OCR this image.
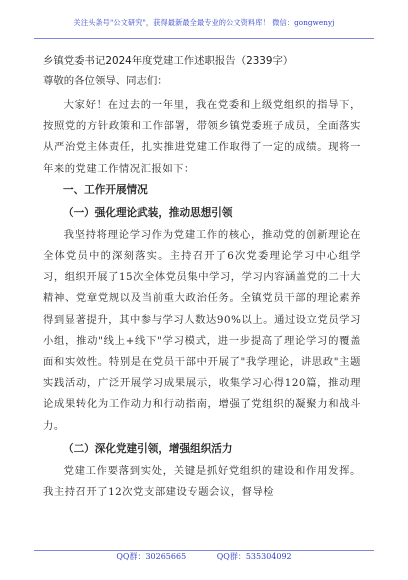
关注头条号"公文研究"，获得最新最全最专业的公文资料库！ 微信：gongwenyj
乡镇党委书记2024年度党建工作述职报告（2339字）
尊敬的各位领导、同志们：

大家好！在过去的一年里，我在党委和上级党组织的指导下，按照党的方针政策和工作部署，带领乡镇党委班子成员，全面落实从严治党主体责任，扎实推进党建工作取得了一定的成绩。现将一年来的党建工作情况汇报如下：

一、工作开展情况
（一）强化理论武装，推动思想引领

我坚持将理论学习作为党建工作的核心，推动党的创新理论在全体党员中的深刻落实。主持召开了6次党委理论学习中心组学习，组织开展了15次全体党员集中学习，学习内容涵盖党的二十大精神、党章党规以及当前重大政治任务。全镇党员干部的理论素养得到显著提升，其中参与学习人数达90%以上。通过设立党员学习小组，推动"线上+线下"学习模式，进一步提高了理论学习的覆盖面和实效性。特别是在党员干部中开展了"我学理论，讲思政"主题实践活动，广泛开展学习成果展示，收集学习心得120篇，推动理论成果转化为工作动力和行动指南，增强了党组织的凝聚力和战斗力。

（二）深化党建引领，增强组织活力

党建工作要落到实处，关键是抓好党组织的建设和作用发挥。我主持召开了12次党支部建设专题会议，督导检

QQ群：30265665	QQ群：535304092
